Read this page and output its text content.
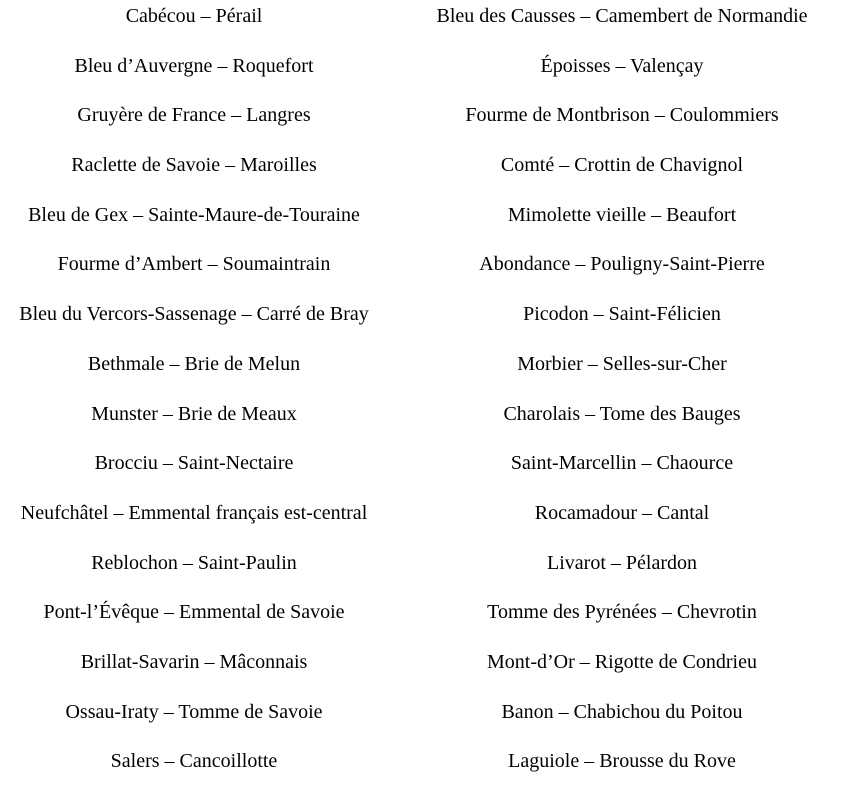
Cabécou – Pérail	Bleu des Causses – Camembert de Normandie

Bleu d’Auvergne – Roquefort	Époisses – Valençay

Gruyère de France – Langres	Fourme de Montbrison – Coulommiers

Raclette de Savoie – Maroilles	Comté – Crottin de Chavignol

Bleu de Gex – Sainte-Maure-de-Touraine	Mimolette vieille – Beaufort

Fourme d’Ambert – Soumaintrain	Abondance – Pouligny-Saint-Pierre

Bleu du Vercors-Sassenage – Carré de Bray	Picodon – Saint-Félicien

Bethmale – Brie de Melun	Morbier – Selles-sur-Cher

Munster – Brie de Meaux	Charolais – Tome des Bauges

Brocciu – Saint-Nectaire	Saint-Marcellin – Chaource

Neufchâtel – Emmental français est-central	Rocamadour – Cantal

Reblochon – Saint-Paulin	Livarot – Pélardon

Pont-l’Évêque – Emmental de Savoie	Tomme des Pyrénées – Chevrotin

Brillat-Savarin – Mâconnais	Mont-d’Or – Rigotte de Condrieu

Ossau-Iraty – Tomme de Savoie	Banon – Chabichou du Poitou

Salers – Cancoillotte	Laguiole – Brousse du Rove
